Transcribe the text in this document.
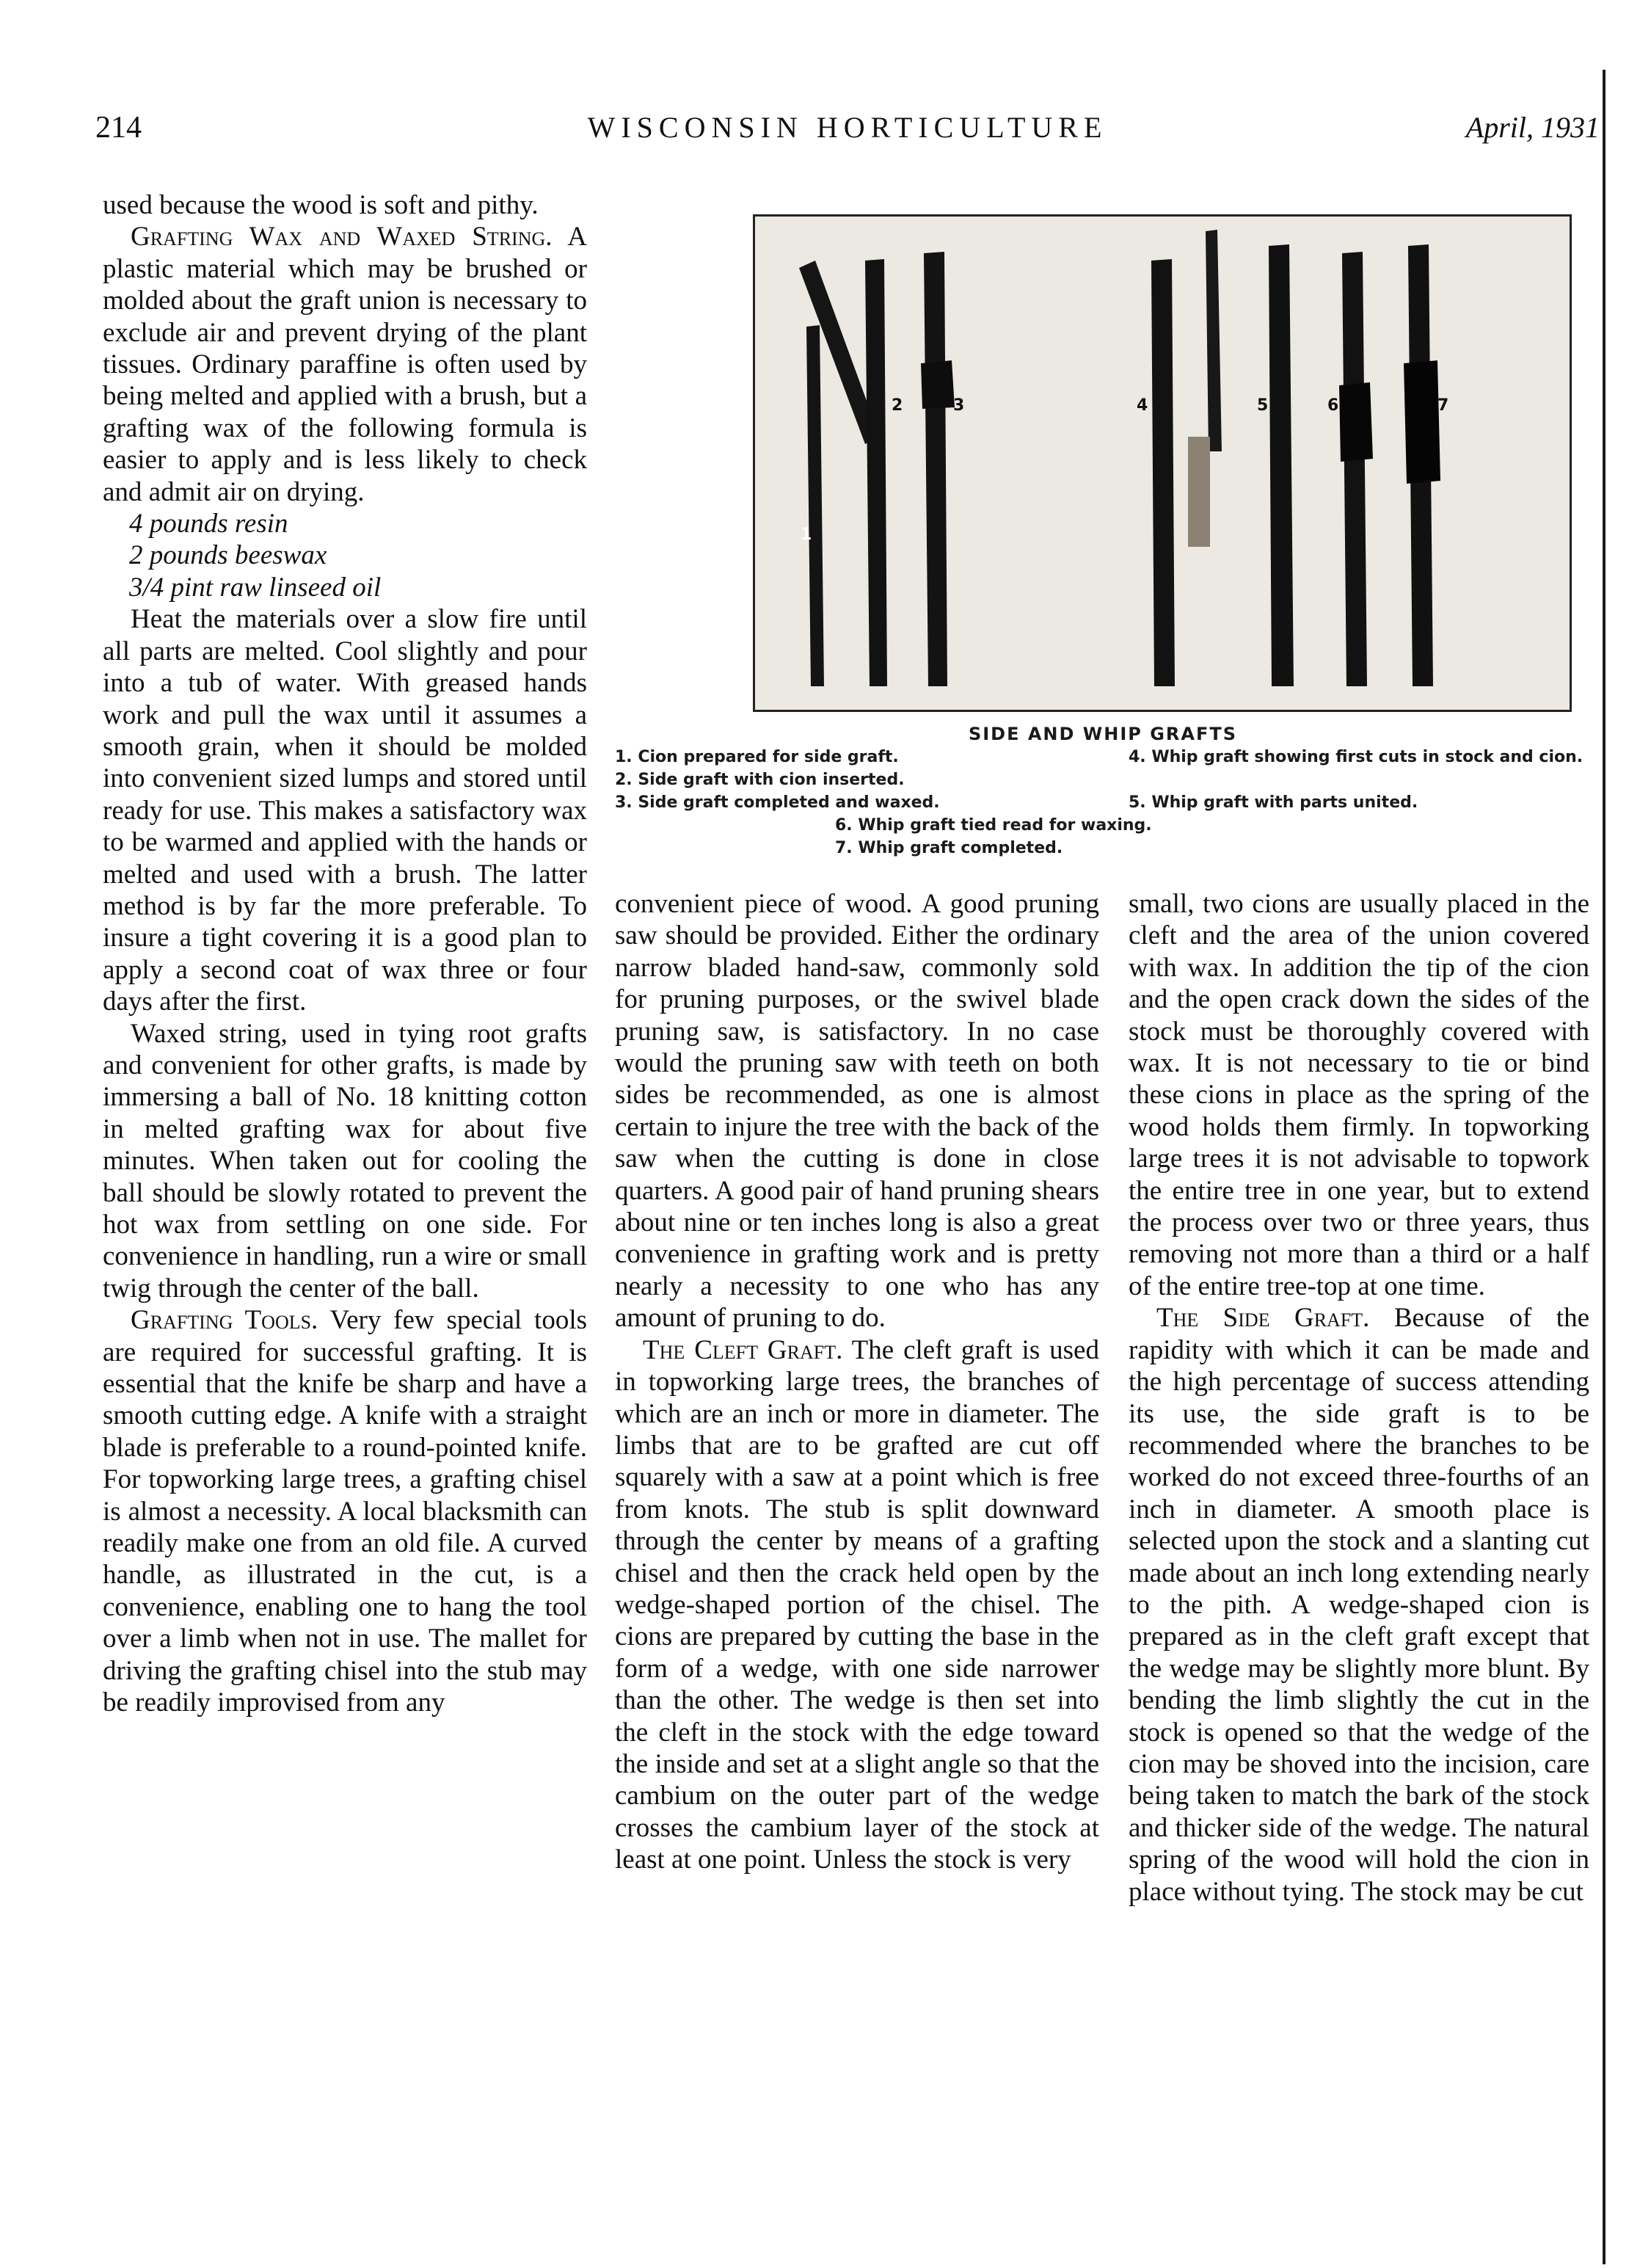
214	WISCONSIN HORTICULTURE	April, 1931

used because the wood is soft and pithy.

Grafting Wax and Waxed String. A plastic material which may be brushed or molded about the graft union is necessary to exclude air and prevent drying of the plant tissues. Ordinary paraffine is often used by being melted and applied with a brush, but a grafting wax of the following formula is easier to apply and is less likely to check and admit air on drying.

4 pounds resin
2 pounds beeswax
3/4 pint raw linseed oil

Heat the materials over a slow fire until all parts are melted. Cool slightly and pour into a tub of water. With greased hands work and pull the wax until it assumes a smooth grain, when it should be molded into convenient sized lumps and stored until ready for use. This makes a satisfactory wax to be warmed and applied with the hands or melted and used with a brush. The latter method is by far the more preferable. To insure a tight covering it is a good plan to apply a second coat of wax three or four days after the first.

Waxed string, used in tying root grafts and convenient for other grafts, is made by immersing a ball of No. 18 knitting cotton in melted grafting wax for about five minutes. When taken out for cooling the ball should be slowly rotated to prevent the hot wax from settling on one side. For convenience in handling, run a wire or small twig through the center of the ball.

Grafting Tools. Very few special tools are required for successful grafting. It is essential that the knife be sharp and have a smooth cutting edge. A knife with a straight blade is preferable to a round-pointed knife. For topworking large trees, a grafting chisel is almost a necessity. A local blacksmith can readily make one from an old file. A curved handle, as illustrated in the cut, is a convenience, enabling one to hang the tool over a limb when not in use. The mallet for driving the grafting chisel into the stub may be readily improvised from any

1
2	3	4	5	6	7
SIDE AND WHIP GRAFTS
1. Cion prepared for side graft.	4. Whip graft showing first cuts in stock and cion.
2. Side graft with cion inserted.
3. Side graft completed and waxed.	5. Whip graft with parts united.
6. Whip graft tied read for waxing.
7. Whip graft completed.

convenient piece of wood. A good pruning saw should be provided. Either the ordinary narrow bladed hand-saw, commonly sold for pruning purposes, or the swivel blade pruning saw, is satisfactory. In no case would the pruning saw with teeth on both sides be recommended, as one is almost certain to injure the tree with the back of the saw when the cutting is done in close quarters. A good pair of hand pruning shears about nine or ten inches long is also a great convenience in grafting work and is pretty nearly a necessity to one who has any amount of pruning to do.

The Cleft Graft. The cleft graft is used in topworking large trees, the branches of which are an inch or more in diameter. The limbs that are to be grafted are cut off squarely with a saw at a point which is free from knots. The stub is split downward through the center by means of a grafting chisel and then the crack held open by the wedge-shaped portion of the chisel. The cions are prepared by cutting the base in the form of a wedge, with one side narrower than the other. The wedge is then set into the cleft in the stock with the edge toward the inside and set at a slight angle so that the cambium on the outer part of the wedge crosses the cambium layer of the stock at least at one point. Unless the stock is very

small, two cions are usually placed in the cleft and the area of the union covered with wax. In addition the tip of the cion and the open crack down the sides of the stock must be thoroughly covered with wax. It is not necessary to tie or bind these cions in place as the spring of the wood holds them firmly. In topworking large trees it is not advisable to topwork the entire tree in one year, but to extend the process over two or three years, thus removing not more than a third or a half of the entire tree-top at one time.

The Side Graft. Because of the rapidity with which it can be made and the high percentage of success attending its use, the side graft is to be recommended where the branches to be worked do not exceed three-fourths of an inch in diameter. A smooth place is selected upon the stock and a slanting cut made about an inch long extending nearly to the pith. A wedge-shaped cion is prepared as in the cleft graft except that the wedge may be slightly more blunt. By bending the limb slightly the cut in the stock is opened so that the wedge of the cion may be shoved into the incision, care being taken to match the bark of the stock and thicker side of the wedge. The natural spring of the wood will hold the cion in place without tying. The stock may be cut
